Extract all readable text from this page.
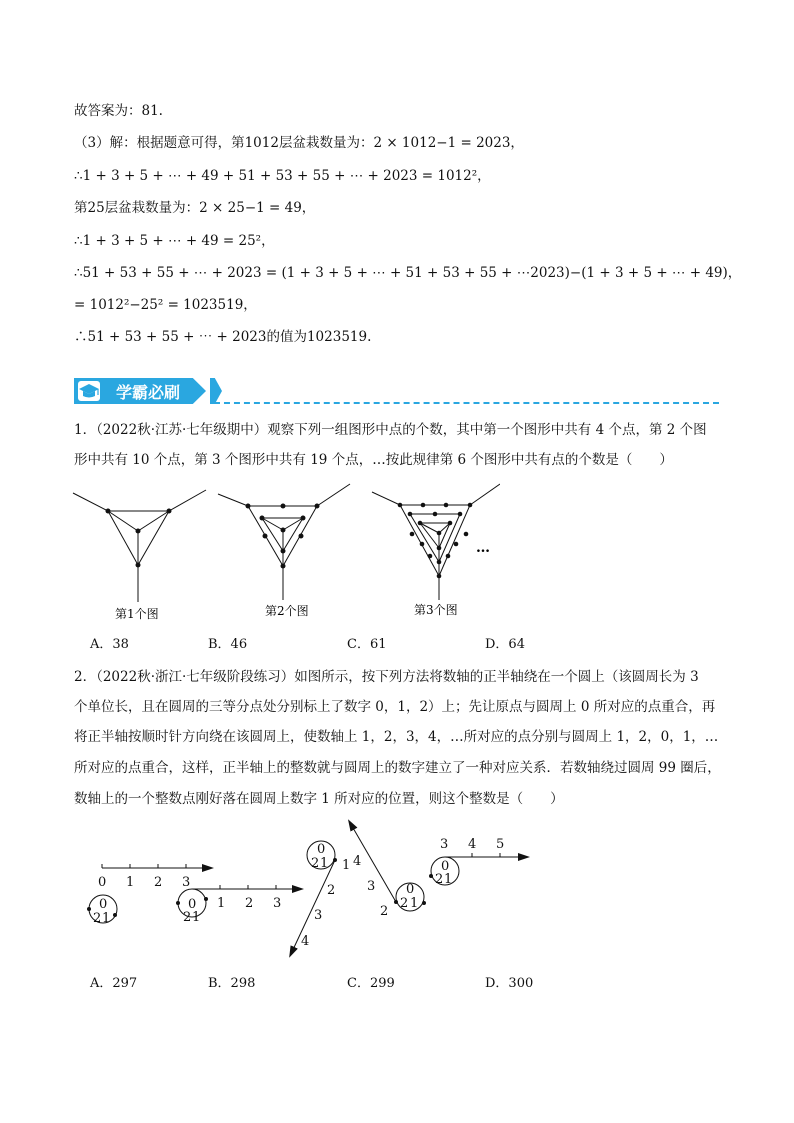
故答案为：81.
（3）解：根据题意可得，第1012层盆栽数量为：2 × 1012−1 = 2023，
∴1 + 3 + 5 + ⋯ + 49 + 51 + 53 + 55 + ⋯ + 2023 = 1012²，
第25层盆栽数量为：2 × 25−1 = 49，
∴1 + 3 + 5 + ⋯ + 49 = 25²，
∴51 + 53 + 55 + ⋯ + 2023 = (1 + 3 + 5 + ⋯ + 51 + 53 + 55 + ⋯2023)−(1 + 3 + 5 + ⋯ + 49)，
= 1012²−25² = 1023519，
∴51 + 53 + 55 + ⋯ + 2023的值为1023519.
学霸必刷
1．（2022秋·江苏·七年级期中）观察下列一组图形中点的个数，其中第一个图形中共有 4 个点，第 2 个图
形中共有 10 个点，第 3 个图形中共有 19 个点，…按此规律第 6 个图形中共有点的个数是（　　）
第1个图	第2个图
…
第3个图
A．38	B．46	C．61	D．64
2．（2022秋·浙江·七年级阶段练习）如图所示，按下列方法将数轴的正半轴绕在一个圆上（该圆周长为 3
个单位长，且在圆周的三等分点处分别标上了数字 0，1，2）上；先让原点与圆周上 0 所对应的点重合，再
将正半轴按顺时针方向绕在该圆周上，使数轴上 1，2，3，4，…所对应的点分别与圆周上 1，2，0，1，…
所对应的点重合，这样，正半轴上的整数就与圆周上的数字建立了一种对应关系．若数轴绕过圆周 99 圈后，
数轴上的一个整数点刚好落在圆周上数字 1 所对应的位置，则这个整数是（　　）
0 1 2 3
0
2 1
0
2 1
1 2 3
0
2 1 1
2
3
4
0
2 1
2
3
4
3 4 5
0
2 1
A．297	B．298	C．299	D．300
